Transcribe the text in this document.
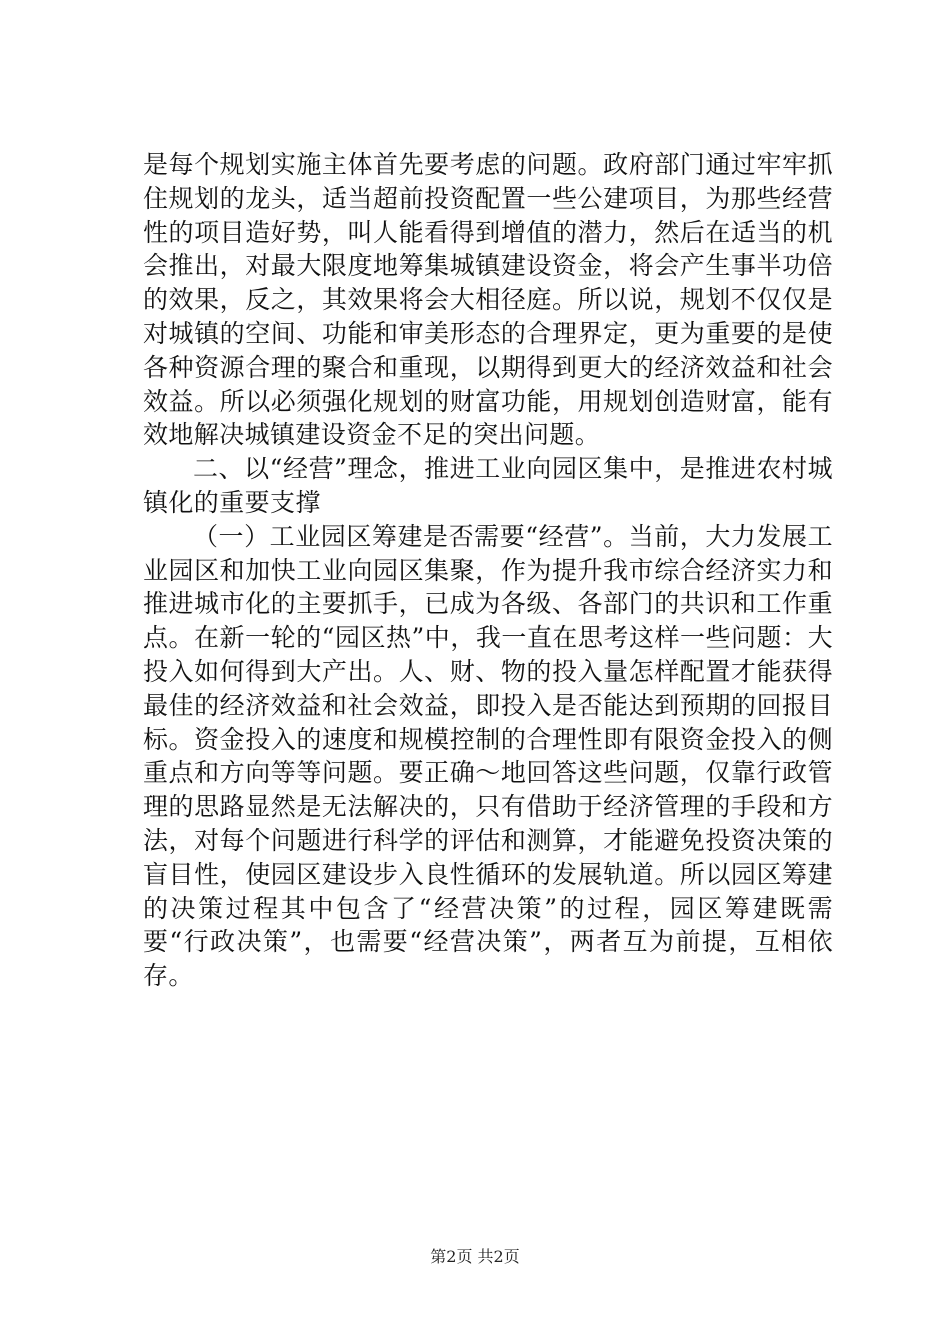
是每个规划实施主体首先要考虑的问题。政府部门通过牢牢抓住规划的龙头，适当超前投资配置一些公建项目，为那些经营性的项目造好势，叫人能看得到增值的潜力，然后在适当的机会推出，对最大限度地筹集城镇建设资金，将会产生事半功倍的效果，反之，其效果将会大相径庭。所以说，规划不仅仅是对城镇的空间、功能和审美形态的合理界定，更为重要的是使各种资源合理的聚合和重现，以期得到更大的经济效益和社会效益。所以必须强化规划的财富功能，用规划创造财富，能有效地解决城镇建设资金不足的突出问题。

二、以“经营”理念，推进工业向园区集中，是推进农村城镇化的重要支撑

（一）工业园区筹建是否需要“经营”。当前，大力发展工业园区和加快工业向园区集聚，作为提升我市综合经济实力和推进城市化的主要抓手，已成为各级、各部门的共识和工作重点。在新一轮的“园区热”中，我一直在思考这样一些问题：大投入如何得到大产出。人、财、物的投入量怎样配置才能获得最佳的经济效益和社会效益，即投入是否能达到预期的回报目标。资金投入的速度和规模控制的合理性即有限资金投入的侧重点和方向等等问题。要正确～地回答这些问题，仅靠行政管理的思路显然是无法解决的，只有借助于经济管理的手段和方法，对每个问题进行科学的评估和测算，才能避免投资决策的盲目性，使园区建设步入良性循环的发展轨道。所以园区筹建的决策过程其中包含了“经营决策”的过程，园区筹建既需要“行政决策”，也需要“经营决策”，两者互为前提，互相依存。

第2页 共2页
